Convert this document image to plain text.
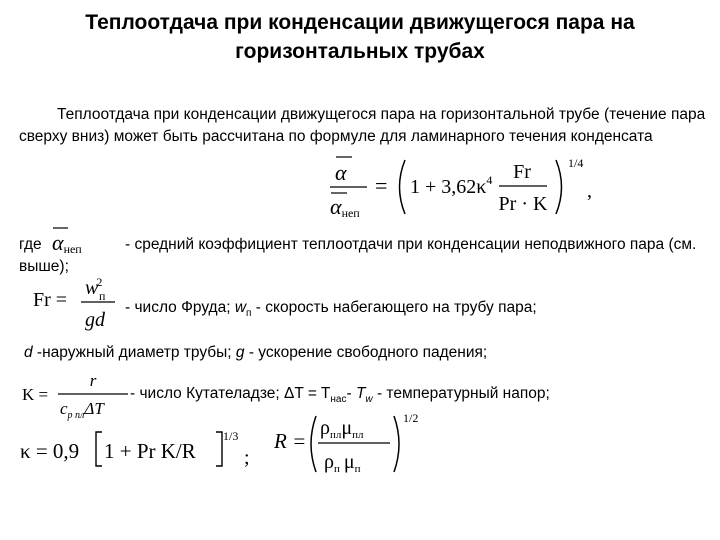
Теплоотдача при конденсации движущегося пара на
горизонтальных трубах
Теплоотдача при конденсации движущегося пара на горизонтальной трубе (течение пара сверху вниз) может быть рассчитана по формуле для ламинарного течения конденсата
α
αнеп
= $1 + 3,62\kappa^4$ Fr
Pr · K
1/4
,
где αнеп	- средний коэффициент теплоотдачи при конденсации неподвижного пара (см. выше);
Fr =
w2 п
gd
- число Фруда; $w_п$ - скорость набегающего на трубу пара;
d -наружный диаметр трубы; g - ускорение свободного падения;
K =
r
$c_{p пл}\Delta T$
- число Кутателадзе; $\Delta T = T_{нас}-$ $T_w$ - температурный напор;
κ = 0,9 1 + Pr K/R
1/3
;
R =
$\rho_{пл}\mu_{пл}$
$\rho_п$ $\mu_п$
1/2
